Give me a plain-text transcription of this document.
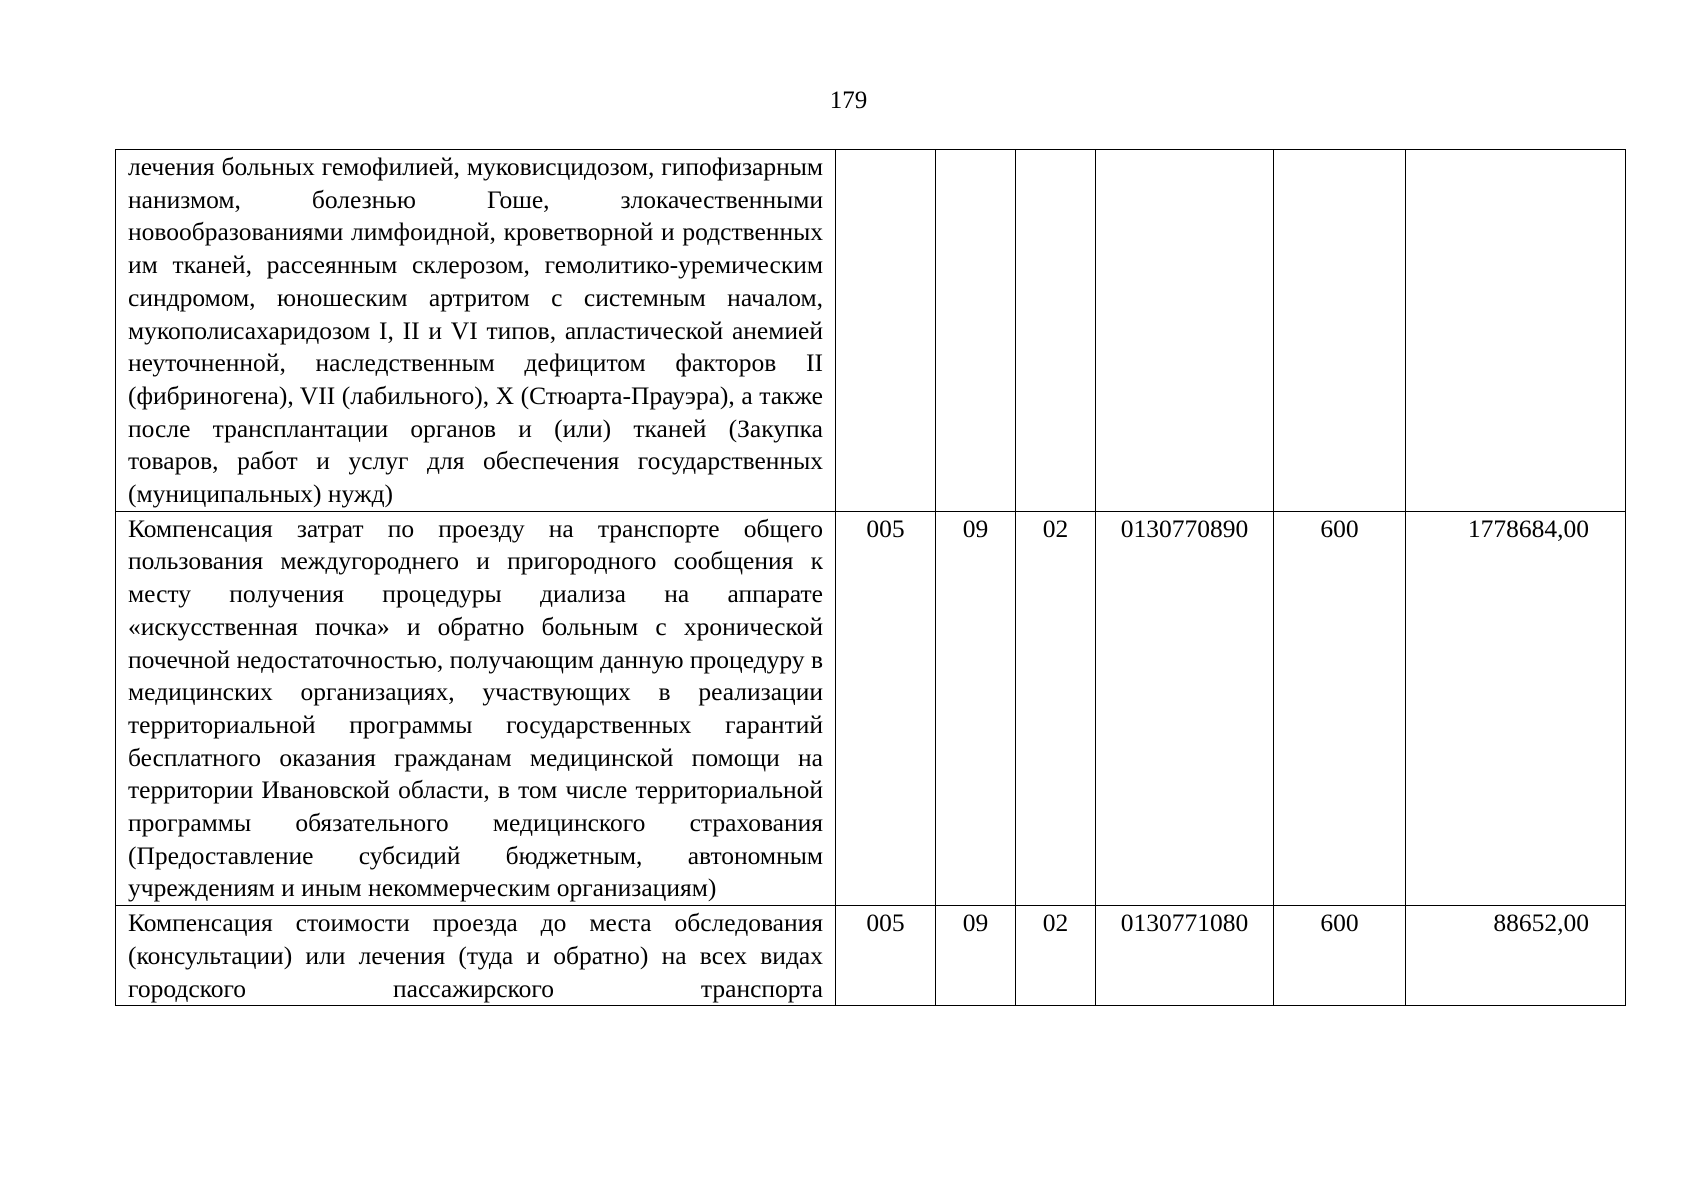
179
лечения больных гемофилией, муковисцидозом, гипофизарным нанизмом, болезнью Гоше, злокачественными новообразованиями лимфоидной, кроветворной и родственных им тканей, рассеянным склерозом, гемолитико-уремическим синдромом, юношеским артритом с системным началом, мукополисахаридозом I, II и VI типов, апластической анемией неуточненной, наследственным дефицитом факторов II (фибриногена), VII (лабильного), X (Стюарта-Прауэра), а также после трансплантации органов и (или) тканей (Закупка товаров, работ и услуг для обеспечения государственных (муниципальных) нужд)						
Компенсация затрат по проезду на транспорте общего пользования междугороднего и пригородного сообщения к месту получения процедуры диализа на аппарате «искусственная почка» и обратно больным с хронической почечной недостаточностью, получающим данную процедуру в медицинских организациях, участвующих в реализации территориальной программы государственных гарантий бесплатного оказания гражданам медицинской помощи на территории Ивановской области, в том числе территориальной программы обязательного медицинского страхования (Предоставление субсидий бюджетным, автономным учреждениям и иным некоммерческим организациям)	005	09	02	0130770890	600	1778684,00

Компенсация стоимости проезда до места обследования (консультации) или лечения (туда и обратно) на всех видах городского пассажирского транспорта	005	09	02	0130771080	600	88652,00
